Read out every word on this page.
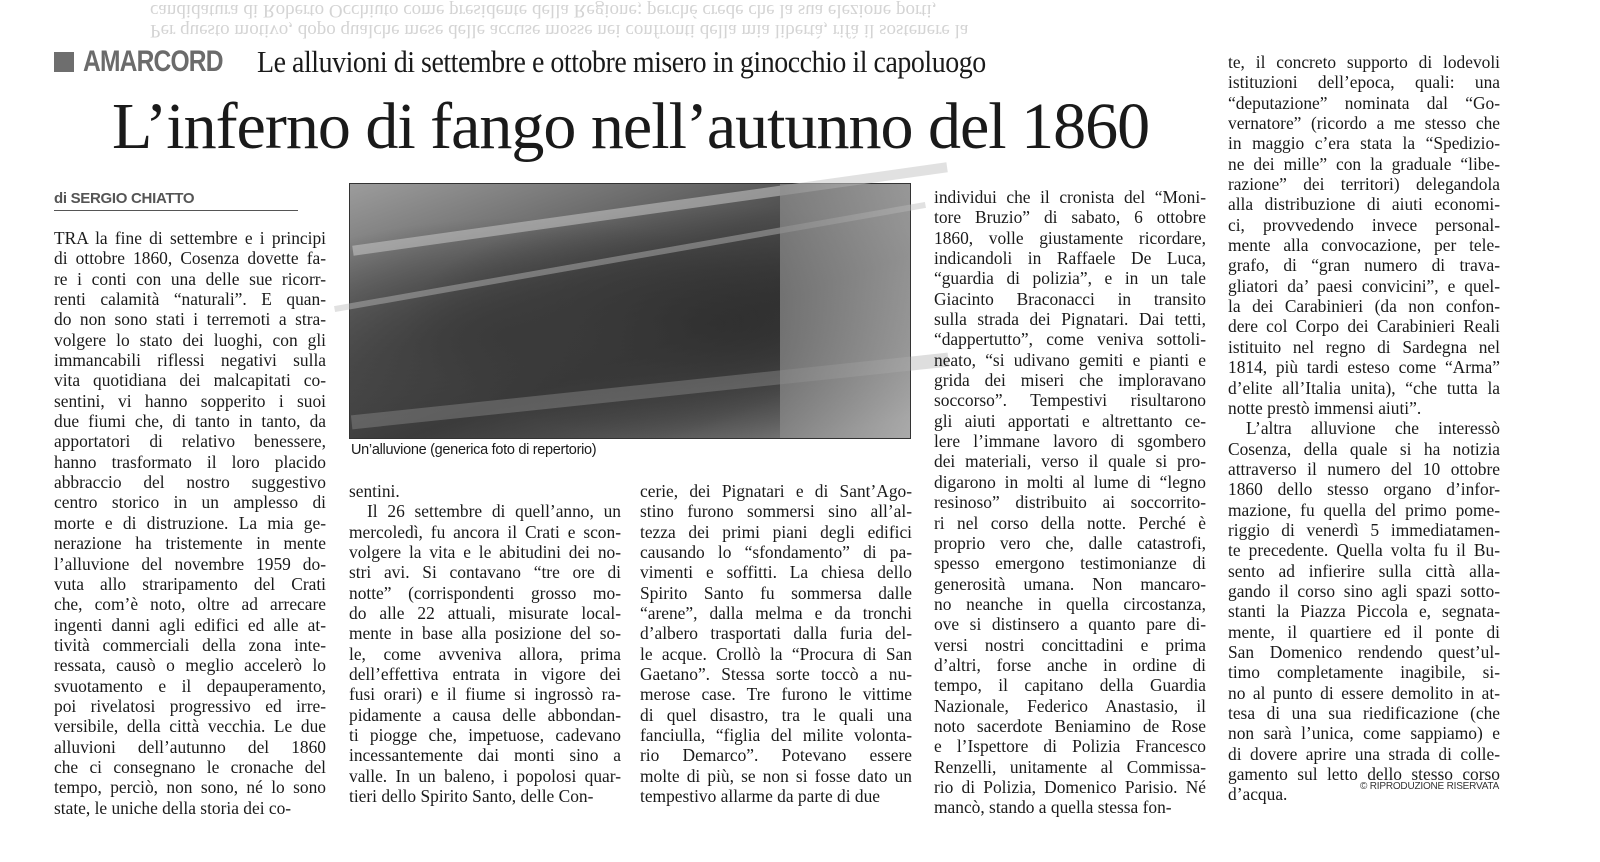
Per questo motivo, dopo qualche mese delle accuse mosse nei confronti della mia libertà, rifà il sostenere la
candidatura di Roberto Occhiuto come presidente della Regione; perché crede che la sua elezione porti,
AMARCORD Le alluvioni di settembre e ottobre misero in ginocchio il capoluogo
L’inferno di fango nell’autunno del 1860
di SERGIO CHIATTO
Un’alluvione (generica foto di repertorio)

TRA la fine di settembre e i principi

di ottobre 1860, Cosenza dovette fa-

re i conti con una delle sue ricorr-

renti calamità “naturali”. E quan-

do non sono stati i terremoti a stra-

volgere lo stato dei luoghi, con gli

immancabili riflessi negativi sulla

vita quotidiana dei malcapitati co-

sentini, vi hanno sopperito i suoi

due fiumi che, di tanto in tanto, da

apportatori di relativo benessere,

hanno trasformato il loro placido

abbraccio del nostro suggestivo

centro storico in un amplesso di

morte e di distruzione. La mia ge-

nerazione ha tristemente in mente

l’alluvione del novembre 1959 do-

vuta allo straripamento del Crati

che, com’è noto, oltre ad arrecare

ingenti danni agli edifici ed alle at-

tività commerciali della zona inte-

ressata, causò o meglio accelerò lo

svuotamento e il depauperamento,

poi rivelatosi progressivo ed irre-

versibile, della città vecchia. Le due

alluvioni dell’autunno del 1860

che ci consegnano le cronache del

tempo, perciò, non sono, né lo sono

state, le uniche della storia dei co-

sentini.

Il 26 settembre di quell’anno, un

mercoledì, fu ancora il Crati e scon-

volgere la vita e le abitudini dei no-

stri avi. Si contavano “tre ore di

notte” (corrispondenti grosso mo-

do alle 22 attuali, misurate local-

mente in base alla posizione del so-

le, come avveniva allora, prima

dell’effettiva entrata in vigore dei

fusi orari) e il fiume si ingrossò ra-

pidamente a causa delle abbondan-

ti piogge che, impetuose, cadevano

incessantemente dai monti sino a

valle. In un baleno, i popolosi quar-

tieri dello Spirito Santo, delle Con-

cerie, dei Pignatari e di Sant’Ago-

stino furono sommersi sino all’al-

tezza dei primi piani degli edifici

causando lo “sfondamento” di pa-

vimenti e soffitti. La chiesa dello

Spirito Santo fu sommersa dalle

“arene”, dalla melma e da tronchi

d’albero trasportati dalla furia del-

le acque. Crollò la “Procura di San

Gaetano”. Stessa sorte toccò a nu-

merose case. Tre furono le vittime

di quel disastro, tra le quali una

fanciulla, “figlia del milite volonta-

rio Demarco”. Potevano essere

molte di più, se non si fosse dato un

tempestivo allarme da parte di due

individui che il cronista del “Moni-

tore Bruzio” di sabato, 6 ottobre

1860, volle giustamente ricordare,

indicandoli in Raffaele De Luca,

“guardia di polizia”, e in un tale

Giacinto Braconacci in transito

sulla strada dei Pignatari. Dai tetti,

“dappertutto”, come veniva sottoli-

neato, “si udivano gemiti e pianti e

grida dei miseri che imploravano

soccorso”. Tempestivi risultarono

gli aiuti apportati e altrettanto ce-

lere l’immane lavoro di sgombero

dei materiali, verso il quale si pro-

digarono in molti al lume di “legno

resinoso” distribuito ai soccorrito-

ri nel corso della notte. Perché è

proprio vero che, dalle catastrofi,

spesso emergono testimonianze di

generosità umana. Non mancaro-

no neanche in quella circostanza,

ove si distinsero a quanto pare di-

versi nostri concittadini e prima

d’altri, forse anche in ordine di

tempo, il capitano della Guardia

Nazionale, Federico Anastasio, il

noto sacerdote Beniamino de Rose

e l’Ispettore di Polizia Francesco

Renzelli, unitamente al Commissa-

rio di Polizia, Domenico Parisio. Né

mancò, stando a quella stessa fon-

te, il concreto supporto di lodevoli

istituzioni dell’epoca, quali: una

“deputazione” nominata dal “Go-

vernatore” (ricordo a me stesso che

in maggio c’era stata la “Spedizio-

ne dei mille” con la graduale “libe-

razione” dei territori) delegandola

alla distribuzione di aiuti economi-

ci, provvedendo invece personal-

mente alla convocazione, per tele-

grafo, di “gran numero di trava-

gliatori da’ paesi convicini”, e quel-

la dei Carabinieri (da non confon-

dere col Corpo dei Carabinieri Reali

istituito nel regno di Sardegna nel

1814, più tardi esteso come “Arma”

d’elite all’Italia unita), “che tutta la

notte prestò immensi aiuti”.

L’altra alluvione che interessò

Cosenza, della quale si ha notizia

attraverso il numero del 10 ottobre

1860 dello stesso organo d’infor-

mazione, fu quella del primo pome-

riggio di venerdì 5 immediatamen-

te precedente. Quella volta fu il Bu-

sento ad infierire sulla città alla-

gando il corso sino agli spazi sotto-

stanti la Piazza Piccola e, segnata-

mente, il quartiere ed il ponte di

San Domenico rendendo quest’ul-

timo completamente inagibile, si-

no al punto di essere demolito in at-

tesa di una sua riedificazione (che

non sarà l’unica, come sappiamo) e

di dovere aprire una strada di colle-

gamento sul letto dello stesso corso

d’acqua.	© RIPRODUZIONE RISERVATA
